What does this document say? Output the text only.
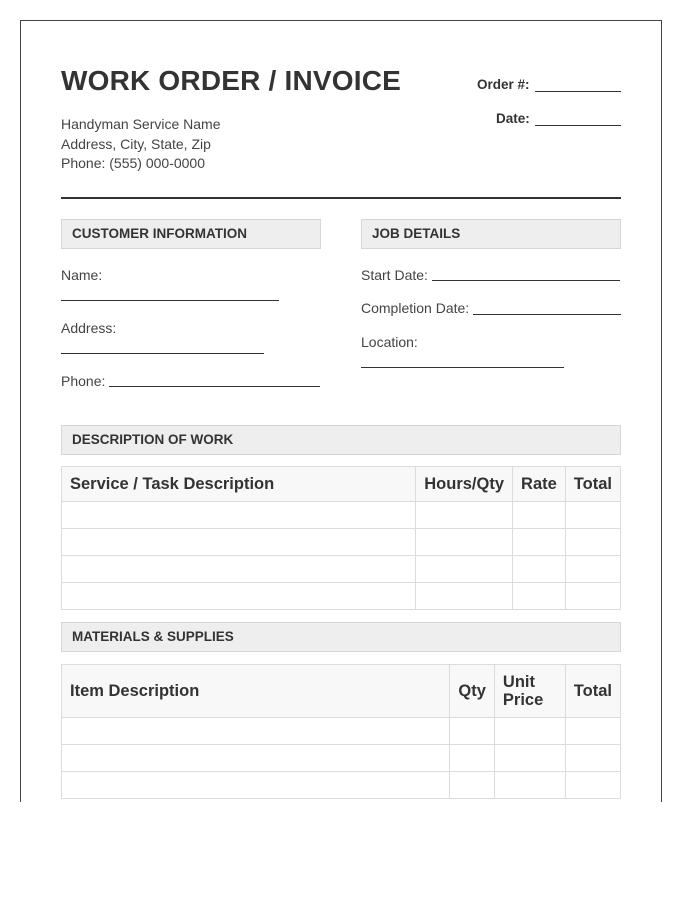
WORK ORDER / INVOICE
Handyman Service Name
Address, City, State, Zip
Phone: (555) 000-0000
Order #:
Date:
CUSTOMER INFORMATION
Name:
Address:
Phone:
JOB DETAILS
Start Date:
Completion Date:
Location:
DESCRIPTION OF WORK
Service / Task Description	Hours/Qty	Rate	Total

MATERIALS & SUPPLIES
Item Description	Qty	Unit Price	Total
